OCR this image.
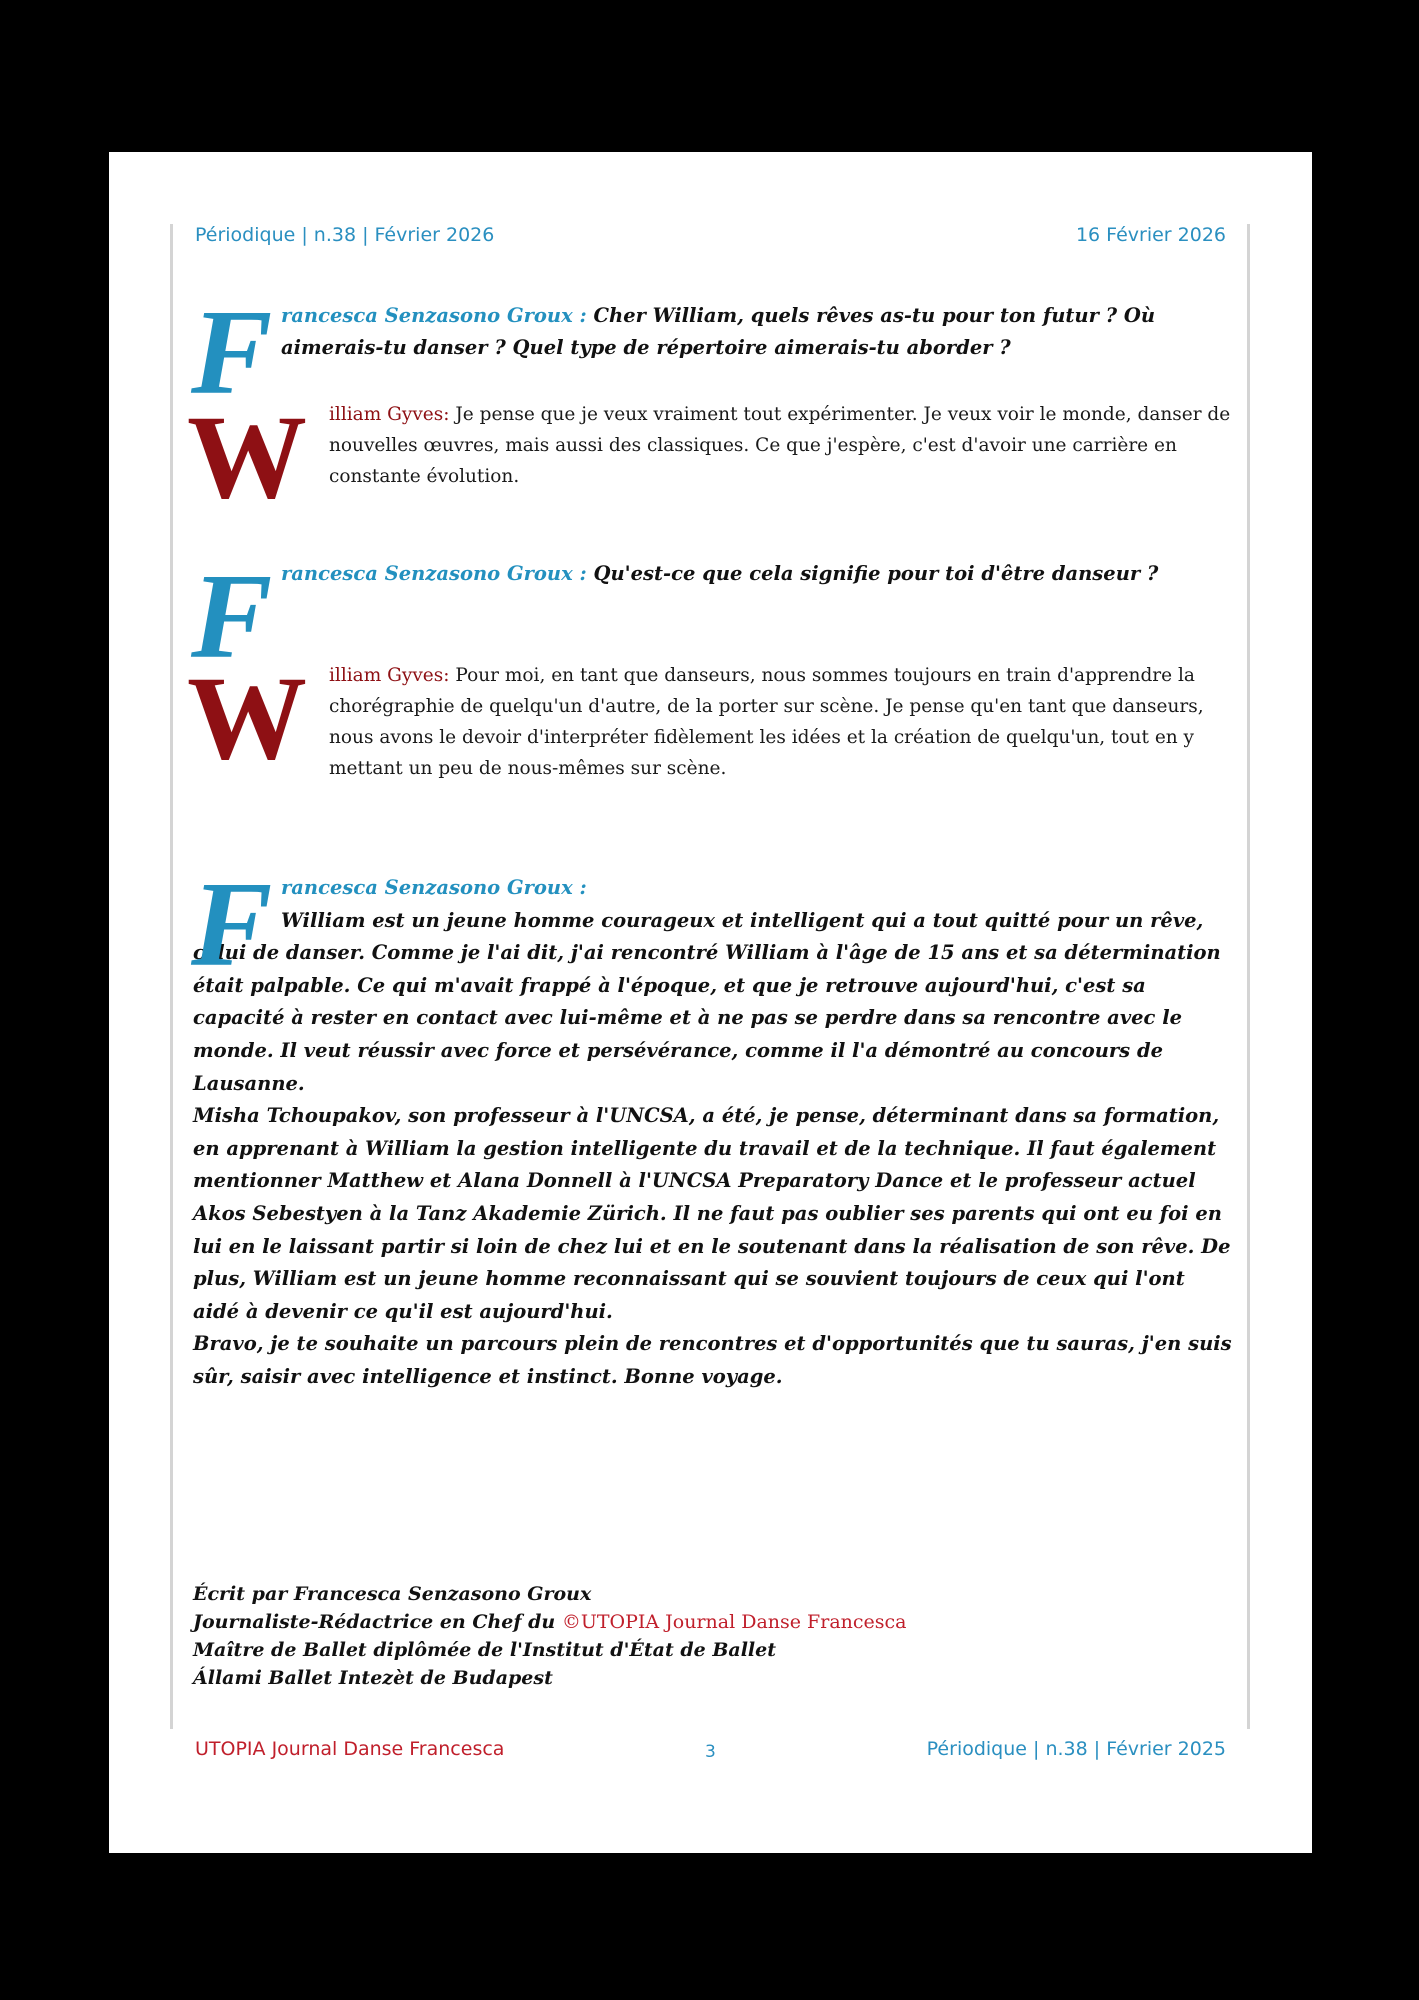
Périodique | n.38 | Février 2026	16 Février 2026
F rancesca Senzasono Groux : Cher William, quels rêves as-tu pour ton futur ? Où aimerais-tu danser ? Quel type de répertoire aimerais-tu aborder ?
W	illiam Gyves: Je pense que je veux vraiment tout expérimenter. Je veux voir le monde, danser de nouvelles œuvres, mais aussi des classiques. Ce que j'espère, c'est d'avoir une carrière en constante évolution.
F rancesca Senzasono Groux : Qu'est-ce que cela signifie pour toi d'être danseur ?
W	illiam Gyves: Pour moi, en tant que danseurs, nous sommes toujours en train d'apprendre la chorégraphie de quelqu'un d'autre, de la porter sur scène. Je pense qu'en tant que danseurs, nous avons le devoir d'interpréter fidèlement les idées et la création de quelqu'un, tout en y mettant un peu de nous-mêmes sur scène.
F rancesca Senzasono Groux :
William est un jeune homme courageux et intelligent qui a tout quitté pour un rêve, celui de danser. Comme je l'ai dit, j'ai rencontré William à l'âge de 15 ans et sa détermination était palpable. Ce qui m'avait frappé à l'époque, et que je retrouve aujourd'hui, c'est sa capacité à rester en contact avec lui-même et à ne pas se perdre dans sa rencontre avec le monde. Il veut réussir avec force et persévérance, comme il l'a démontré au concours de Lausanne.
Misha Tchoupakov, son professeur à l'UNCSA, a été, je pense, déterminant dans sa formation, en apprenant à William la gestion intelligente du travail et de la technique. Il faut également mentionner Matthew et Alana Donnell à l'UNCSA Preparatory Dance et le professeur actuel Akos Sebestyen à la Tanz Akademie Zürich. Il ne faut pas oublier ses parents qui ont eu foi en lui en le laissant partir si loin de chez lui et en le soutenant dans la réalisation de son rêve. De plus, William est un jeune homme reconnaissant qui se souvient toujours de ceux qui l'ont aidé à devenir ce qu'il est aujourd'hui.
Bravo, je te souhaite un parcours plein de rencontres et d'opportunités que tu sauras, j'en suis sûr, saisir avec intelligence et instinct. Bonne voyage.
Écrit par Francesca Senzasono Groux
Journaliste-Rédactrice en Chef du ©UTOPIA Journal Danse Francesca
Maître de Ballet diplômée de l'Institut d'État de Ballet
Állami Ballet Intezèt de Budapest
UTOPIA Journal Danse Francesca	3	Périodique | n.38 | Février 2025
